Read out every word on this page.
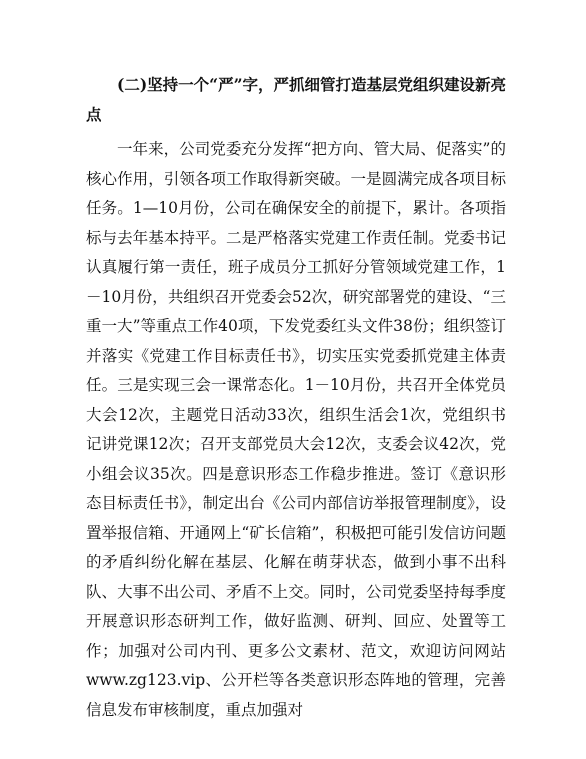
(二)坚持一个“严”字，严抓细管打造基层党组织建设新亮点

一年来，公司党委充分发挥“把方向、管大局、促落实”的核心作用，引领各项工作取得新突破。一是圆满完成各项目标任务。1—10月份，公司在确保安全的前提下，累计。各项指标与去年基本持平。二是严格落实党建工作责任制。党委书记认真履行第一责任，班子成员分工抓好分管领域党建工作，1－10月份，共组织召开党委会52次，研究部署党的建设、“三重一大”等重点工作40项，下发党委红头文件38份；组织签订并落实《党建工作目标责任书》，切实压实党委抓党建主体责任。三是实现三会一课常态化。1－10月份，共召开全体党员大会12次，主题党日活动33次，组织生活会1次，党组织书记讲党课12次；召开支部党员大会12次，支委会议42次，党小组会议35次。四是意识形态工作稳步推进。签订《意识形态目标责任书》，制定出台《公司内部信访举报管理制度》，设置举报信箱、开通网上“矿长信箱”，积极把可能引发信访问题的矛盾纠纷化解在基层、化解在萌芽状态，做到小事不出科队、大事不出公司、矛盾不上交。同时，公司党委坚持每季度开展意识形态研判工作，做好监测、研判、回应、处置等工作；加强对公司内刊、更多公文素材、范文，欢迎访问网站 www.zg123.vip、公开栏等各类意识形态阵地的管理，完善信息发布审核制度，重点加强对
